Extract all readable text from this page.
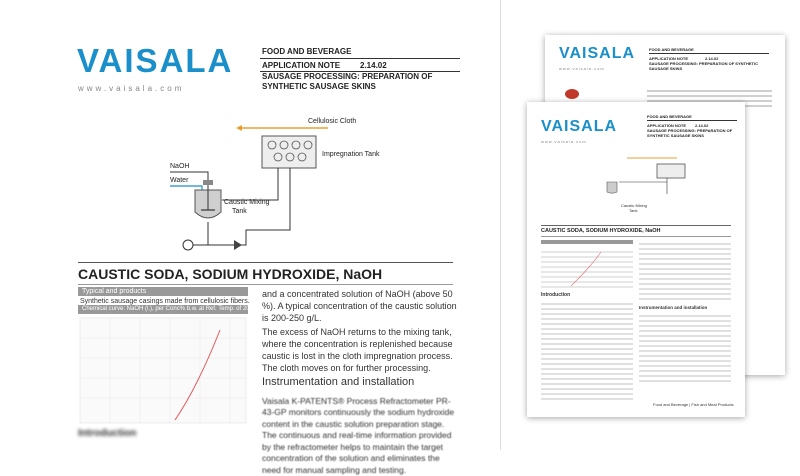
VAISALA
www.vaisala.com
FOOD AND BEVERAGE
APPLICATION NOTE	2.14.02
SAUSAGE PROCESSING: PREPARATION OF SYNTHETIC SAUSAGE SKINS
VAISALA
www.vaisala.com
FOOD AND BEVERAGE
APPLICATION NOTE 2.14.02
SAUSAGE PROCESSING: PREPARATION OF SYNTHETIC SAUSAGE SKINS
Caustic Mixing
Tank
CAUSTIC SODA, SODIUM HYDROXIDE, NaOH
Introduction
Instrumentation and installation
Food and Beverage | Fish and Meat Products
VAISALA
www.vaisala.com
FOOD AND BEVERAGE
APPLICATION NOTE 2.14.02
SAUSAGE PROCESSING: PREPARATION OF SYNTHETIC SAUSAGE SKINS
Cellulosic Cloth
Impregnation Tank
NaOH
Water
Caustic Mixing
Tank
CAUSTIC SODA, SODIUM HYDROXIDE, NaOH
Typical and products
Synthetic sausage casings made from cellulosic fibers.
Chemical curve: NaOH (l.), per Conc% b.w. at Ref. Temp. of 20°C
Introduction
and a concentrated solution of NaOH (above 50 %). A typical concentration of the caustic solution is 200-250 g/L.
The excess of NaOH returns to the mixing tank, where the concentration is replenished because caustic is lost in the cloth impregnation process. The cloth moves on for further processing.
Instrumentation and installation
Vaisala K-PATENTS® Process Refractometer PR-43-GP monitors continuously the sodium hydroxide content in the caustic solution preparation stage. The continuous and real-time information provided by the refractometer helps to maintain the target concentration of the solution and eliminates the need for manual sampling and testing.
